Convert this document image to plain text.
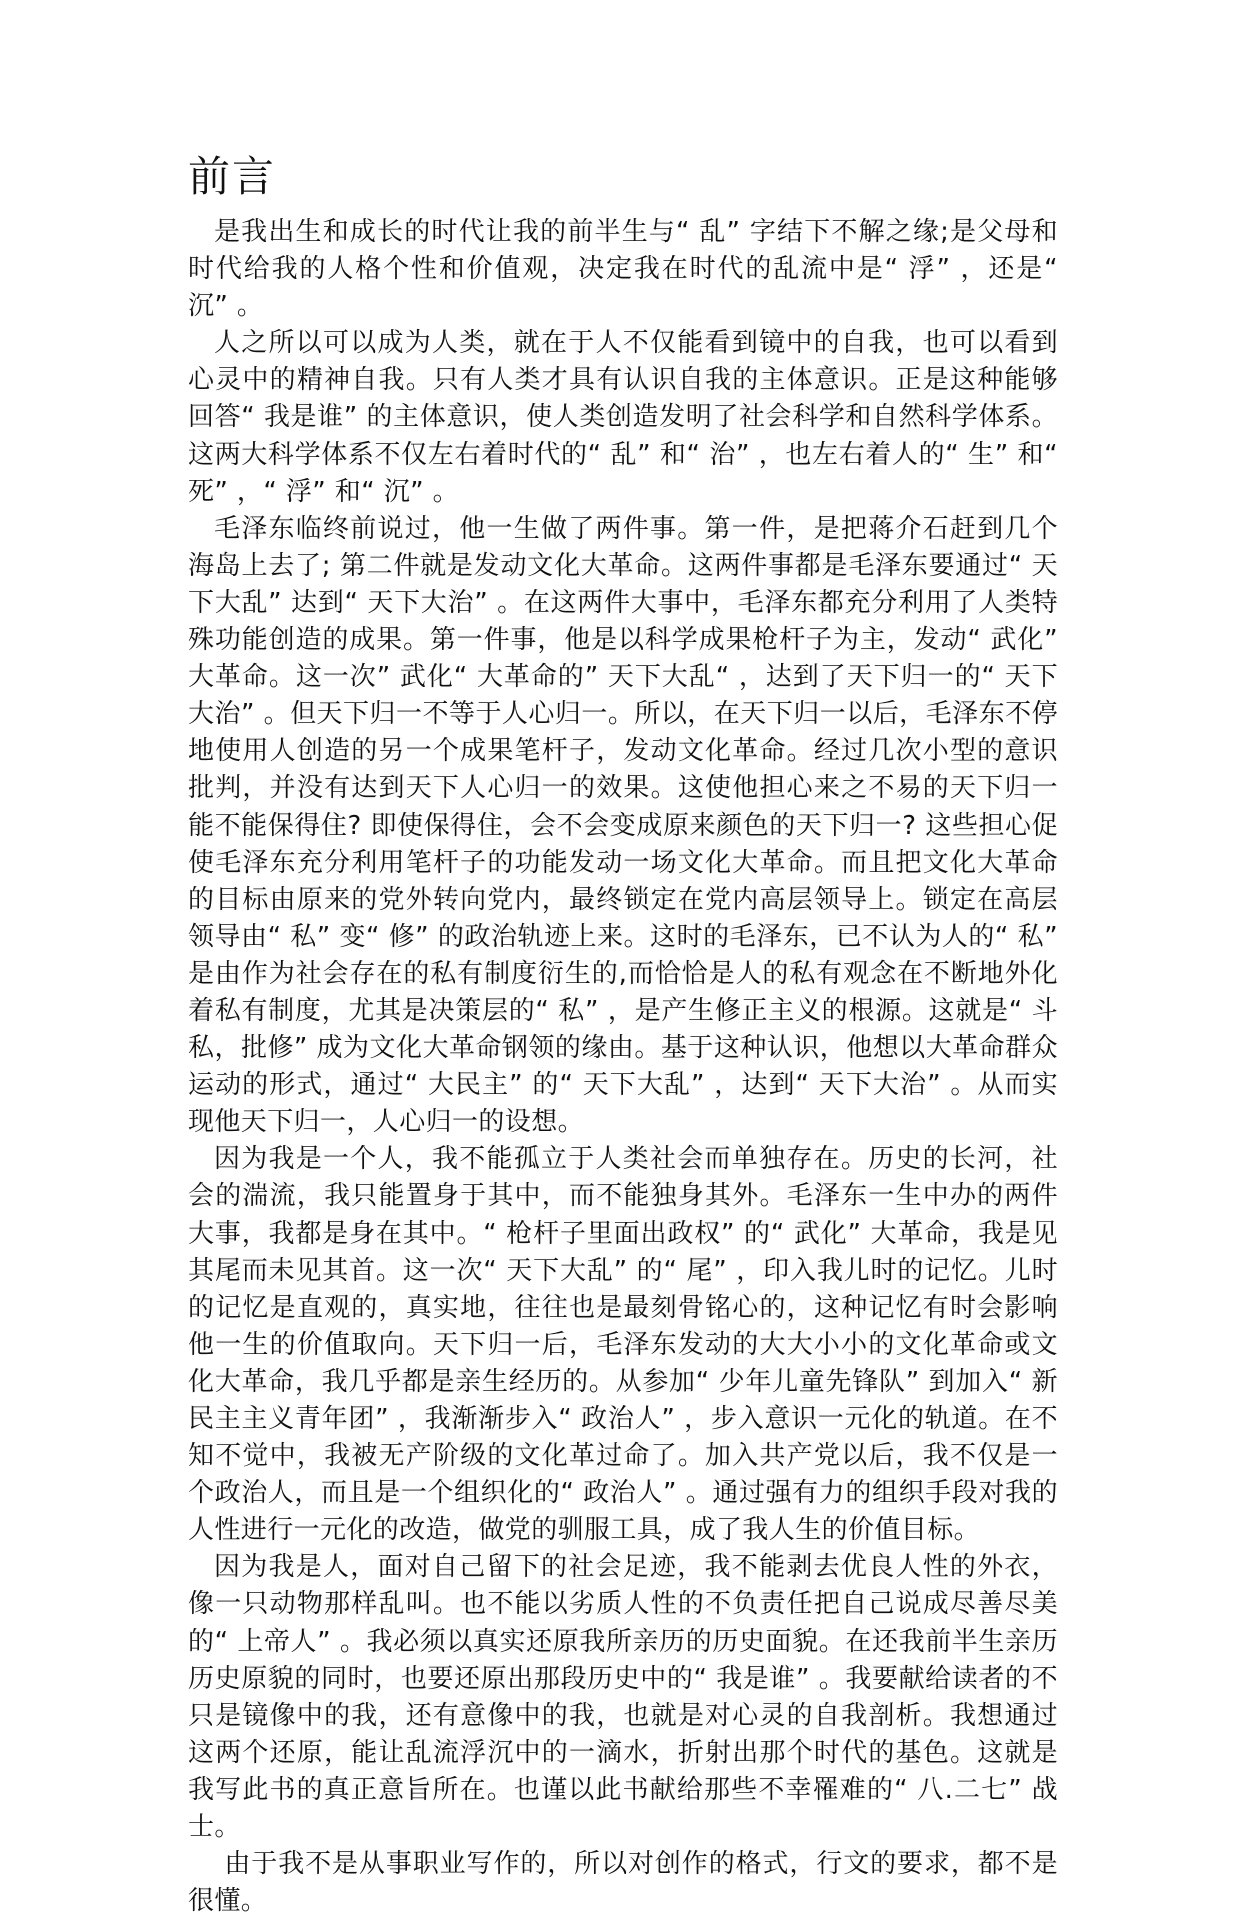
前言

是我出生和成长的时代让我的前半生与“ 乱” 字结下不解之缘;是父母和时代给我的人格个性和价值观，决定我在时代的乱流中是“ 浮” ，还是“ 沉” 。

人之所以可以成为人类，就在于人不仅能看到镜中的自我，也可以看到心灵中的精神自我。只有人类才具有认识自我的主体意识。正是这种能够回答“ 我是谁” 的主体意识，使人类创造发明了社会科学和自然科学体系。这两大科学体系不仅左右着时代的“ 乱” 和“ 治” ，也左右着人的“ 生” 和“ 死” ，“ 浮” 和“ 沉” 。

毛泽东临终前说过，他一生做了两件事。第一件，是把蒋介石赶到几个海岛上去了; 第二件就是发动文化大革命。这两件事都是毛泽东要通过“ 天下大乱” 达到“ 天下大治” 。在这两件大事中，毛泽东都充分利用了人类特殊功能创造的成果。第一件事，他是以科学成果枪杆子为主，发动“ 武化” 大革命。这一次” 武化“ 大革命的” 天下大乱“ ，达到了天下归一的“ 天下大治” 。但天下归一不等于人心归一。所以，在天下归一以后，毛泽东不停地使用人创造的另一个成果笔杆子，发动文化革命。经过几次小型的意识批判，并没有达到天下人心归一的效果。这使他担心来之不易的天下归一能不能保得住? 即使保得住，会不会变成原来颜色的天下归一? 这些担心促使毛泽东充分利用笔杆子的功能发动一场文化大革命。而且把文化大革命的目标由原来的党外转向党内，最终锁定在党内高层领导上。锁定在高层领导由“ 私” 变“ 修” 的政治轨迹上来。这时的毛泽东，已不认为人的“ 私” 是由作为社会存在的私有制度衍生的,而恰恰是人的私有观念在不断地外化着私有制度，尤其是决策层的“ 私” ，是产生修正主义的根源。这就是“ 斗私，批修” 成为文化大革命钢领的缘由。基于这种认识，他想以大革命群众运动的形式，通过“ 大民主” 的“ 天下大乱” ，达到“ 天下大治” 。从而实现他天下归一，人心归一的设想。

因为我是一个人，我不能孤立于人类社会而单独存在。历史的长河，社会的湍流，我只能置身于其中，而不能独身其外。毛泽东一生中办的两件大事，我都是身在其中。“ 枪杆子里面出政权” 的“ 武化” 大革命，我是见其尾而未见其首。这一次“ 天下大乱” 的“ 尾” ，印入我儿时的记忆。儿时的记忆是直观的，真实地，往往也是最刻骨铭心的，这种记忆有时会影响他一生的价值取向。天下归一后，毛泽东发动的大大小小的文化革命或文化大革命，我几乎都是亲生经历的。从参加“ 少年儿童先锋队” 到加入“ 新民主主义青年团” ，我渐渐步入“ 政治人” ，步入意识一元化的轨道。在不知不觉中，我被无产阶级的文化革过命了。加入共产党以后，我不仅是一个政治人，而且是一个组织化的“ 政治人” 。通过强有力的组织手段对我的人性进行一元化的改造，做党的驯服工具，成了我人生的价值目标。

因为我是人，面对自己留下的社会足迹，我不能剥去优良人性的外衣，像一只动物那样乱叫。也不能以劣质人性的不负责任把自己说成尽善尽美的“ 上帝人” 。我必须以真实还原我所亲历的历史面貌。在还我前半生亲历历史原貌的同时，也要还原出那段历史中的“ 我是谁” 。我要献给读者的不只是镜像中的我，还有意像中的我，也就是对心灵的自我剖析。我想通过这两个还原，能让乱流浮沉中的一滴水，折射出那个时代的基色。这就是我写此书的真正意旨所在。也谨以此书献给那些不幸罹难的“ 八.二七” 战士。

由于我不是从事职业写作的，所以对创作的格式，行文的要求，都不是很懂。
